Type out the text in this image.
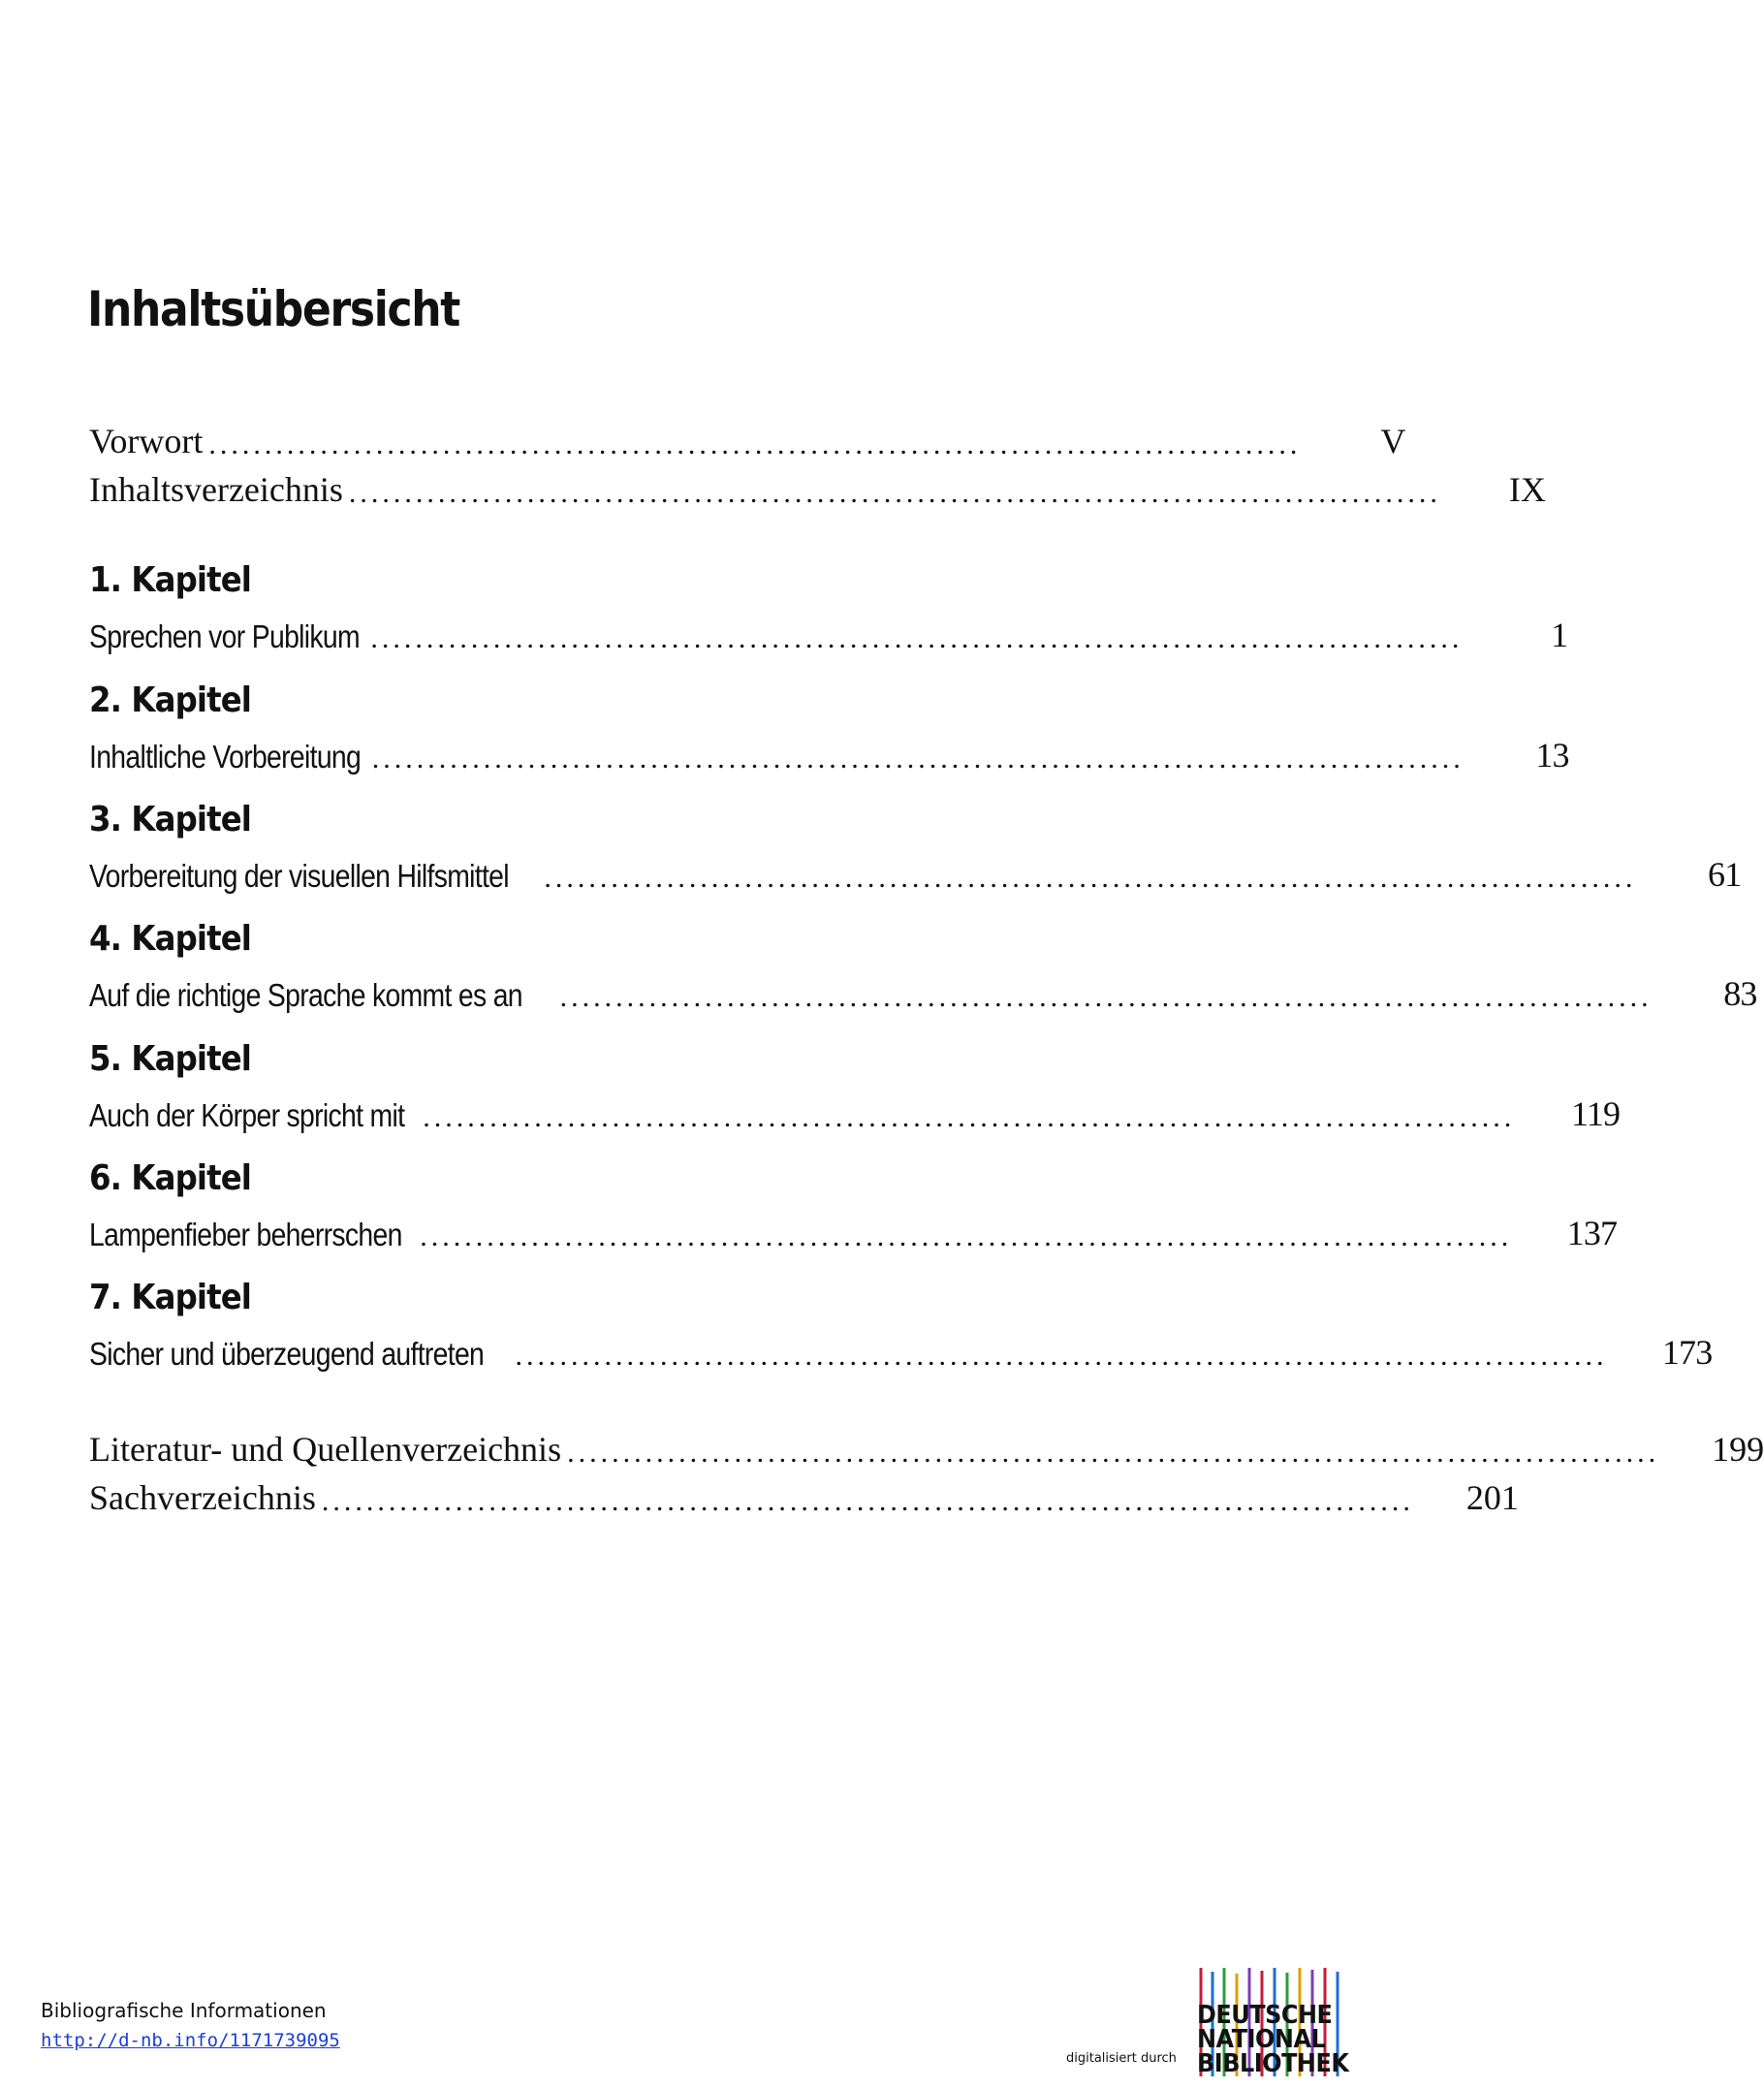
Inhaltsübersicht
Vorwort ..................................................................................................	V
Inhaltsverzeichnis ..................................................................................................	IX
1. Kapitel
Sprechen vor Publikum ..................................................................................................	1
2. Kapitel
Inhaltliche Vorbereitung ..................................................................................................	13
3. Kapitel
Vorbereitung der visuellen Hilfsmittel ..................................................................................................	61
4. Kapitel
Auf die richtige Sprache kommt es an ..................................................................................................	83
5. Kapitel
Auch der Körper spricht mit ..................................................................................................	119
6. Kapitel
Lampenfieber beherrschen ..................................................................................................	137
7. Kapitel
Sicher und überzeugend auftreten ..................................................................................................	173
Literatur- und Quellenverzeichnis ..................................................................................................	199
Sachverzeichnis ..................................................................................................	201
Bibliografische Informationen
http://d-nb.info/1171739095
digitalisiert durch
DEUTSCHE
NATIONAL
BIBLIOTHEK
